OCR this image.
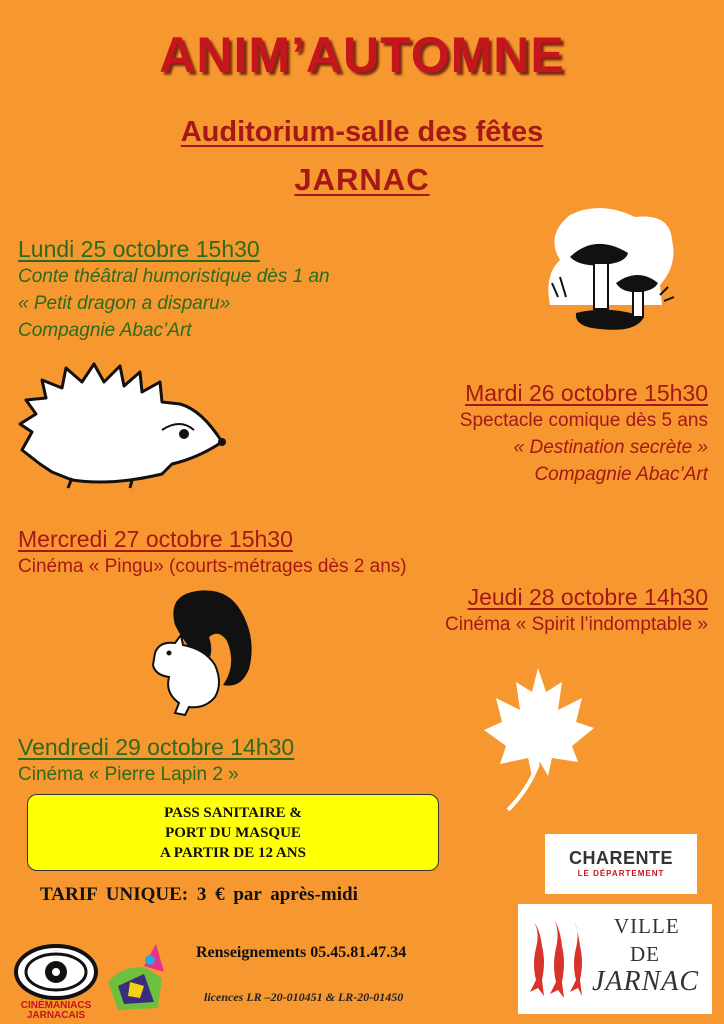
ANIM’AUTOMNE
Auditorium-salle des fêtes
JARNAC
Lundi 25 octobre 15h30
Conte théâtral humoristique dès 1 an
« Petit dragon a disparu»
Compagnie Abac’Art
Mardi 26 octobre 15h30
Spectacle comique dès 5 ans
« Destination secrète »
Compagnie Abac’Art
Mercredi 27 octobre 15h30
Cinéma « Pingu» (courts-métrages dès 2 ans)
Jeudi 28 octobre 14h30
Cinéma « Spirit l’indomptable »
Vendredi 29 octobre 14h30
Cinéma « Pierre Lapin 2 »
PASS SANITAIRE &
PORT DU MASQUE
A PARTIR DE 12 ANS
TARIF UNIQUE: 3 € par après-midi
Renseignements 05.45.81.47.34
licences LR –20-010451 & LR-20-01450
CINÉMANIACS
JARNACAIS
CHARENTE
LE DÉPARTEMENT
VILLE
DE
JARNAC
